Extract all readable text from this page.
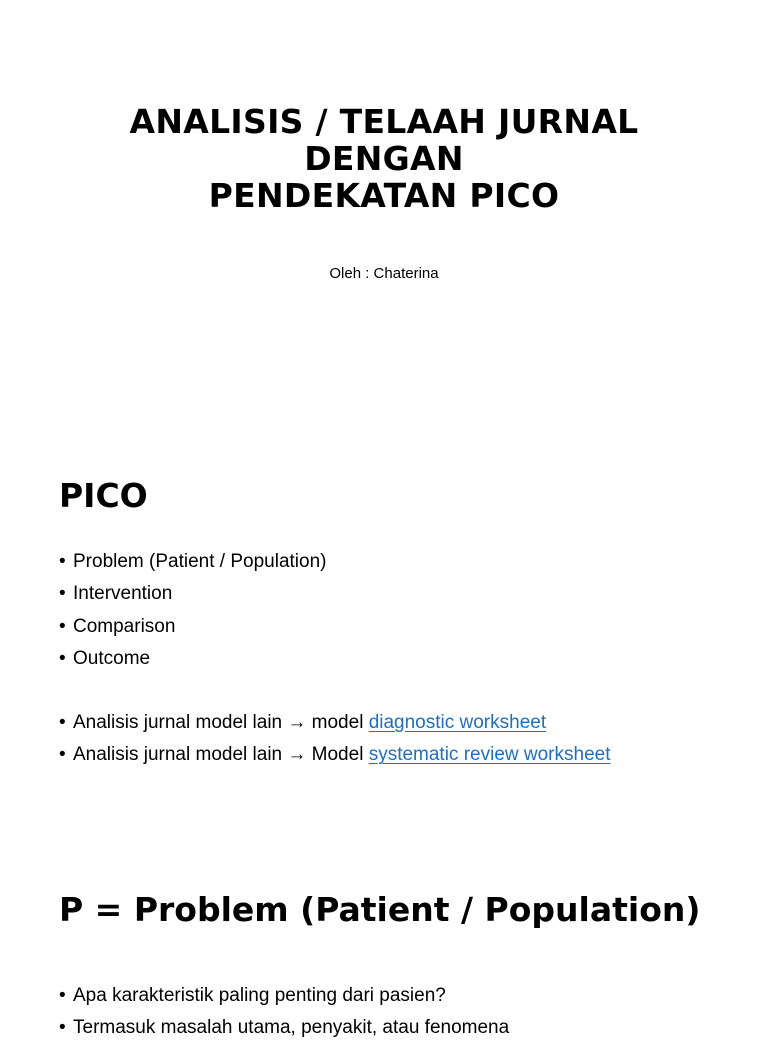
ANALISIS / TELAAH JURNAL
DENGAN
PENDEKATAN PICO

Oleh : Chaterina

PICO
• Problem (Patient / Population)
• Intervention
• Comparison
• Outcome
• Analisis jurnal model lain → model diagnostic worksheet
• Analisis jurnal model lain → Model systematic review worksheet
P = Problem (Patient / Population)
• Apa karakteristik paling penting dari pasien?
• Termasuk masalah utama, penyakit, atau fenomena
